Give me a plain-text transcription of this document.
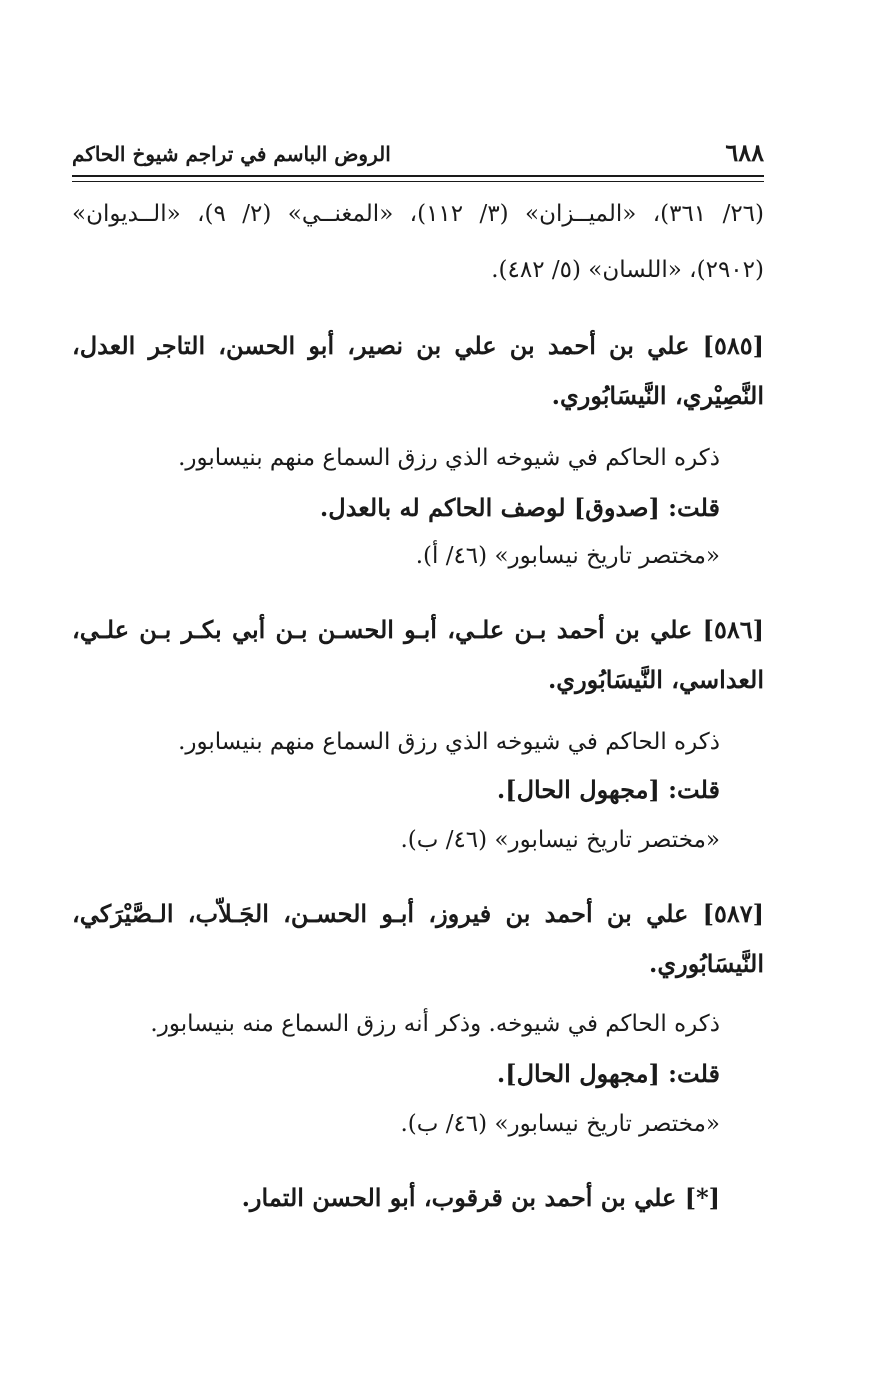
٦٨٨
الروض الباسم في تراجم شيوخ الحاكم
(٢٦/ ٣٦١)، «الميــزان» (٣/ ١١٢)، «المغنــي» (٢/ ٩)، «الــديوان»
(٢٩٠٢)، «اللسان» (٥/ ٤٨٢).
[٥٨٥] علي بن أحمد بن علي بن نصير، أبو الحسن، التاجر العدل،
النَّصِيْري، النَّيسَابُوري.
ذكره الحاكم في شيوخه الذي رزق السماع منهم بنيسابور.
قلت: [صدوق] لوصف الحاكم له بالعدل.
«مختصر تاريخ نيسابور» (٤٦/ أ).
[٥٨٦] علي بن أحمد بـن علـي، أبـو الحسـن بـن أبي بكـر بـن علـي،
العداسي، النَّيسَابُوري.
ذكره الحاكم في شيوخه الذي رزق السماع منهم بنيسابور.
قلت: [مجهول الحال].
«مختصر تاريخ نيسابور» (٤٦/ ب).
[٥٨٧] علي بن أحمد بن فيروز، أبـو الحسـن، الجَـلاّب، الـصَّيْرَكي،
النَّيسَابُوري.
ذكره الحاكم في شيوخه. وذكر أنه رزق السماع منه بنيسابور.
قلت: [مجهول الحال].
«مختصر تاريخ نيسابور» (٤٦/ ب).
[*] علي بن أحمد بن قرقوب، أبو الحسن التمار.
